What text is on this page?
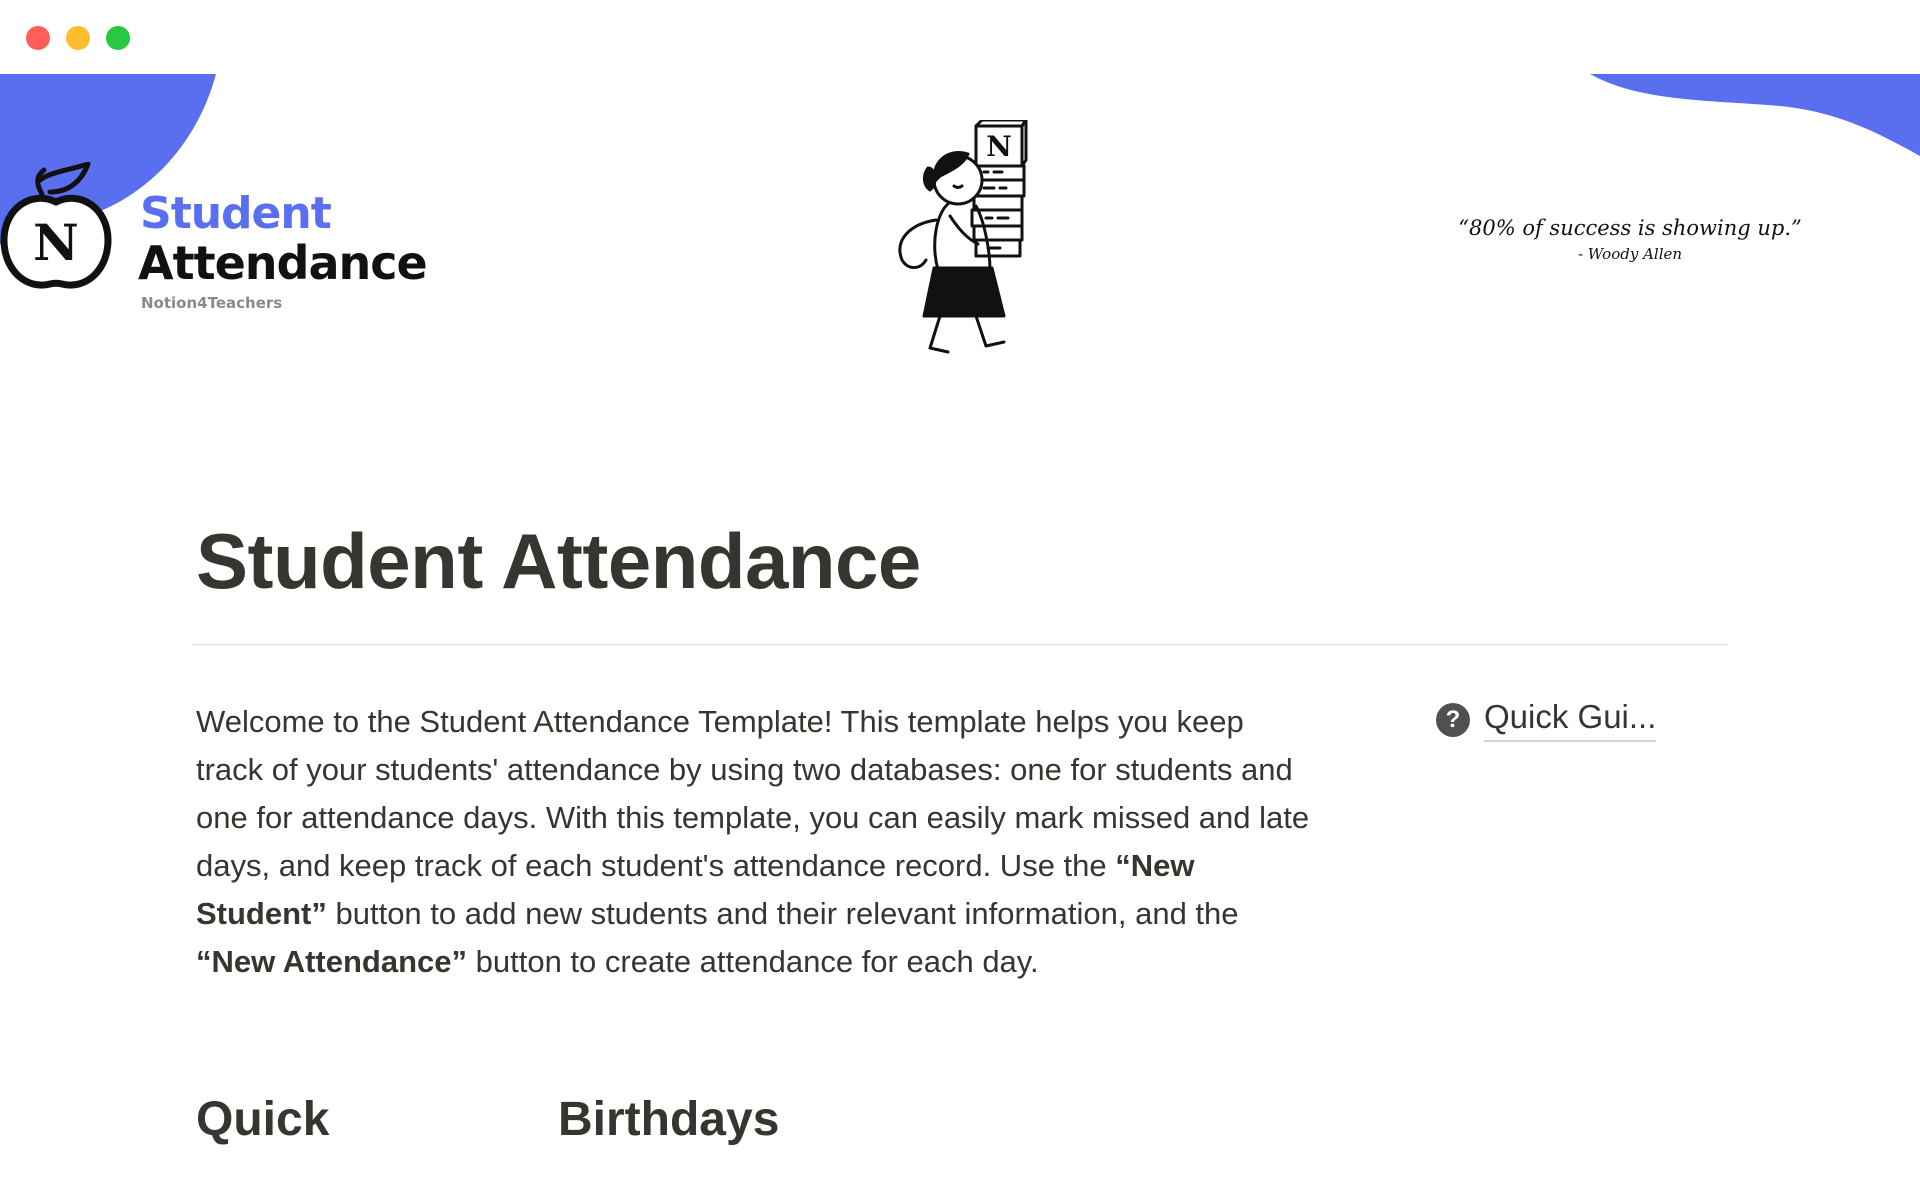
N Student
Attendance
Notion4Teachers
N
“80% of success is showing up.”
- Woody Allen
Student Attendance

Welcome to the Student Attendance Template! This template helps you keep track of your students' attendance by using two databases: one for students and one for attendance days. With this template, you can easily mark missed and late days, and keep track of each student's attendance record. Use the “New Student” button to add new students and their relevant information, and the “New Attendance” button to create attendance for each day.

? Quick Gui...
Quick	Birthdays
